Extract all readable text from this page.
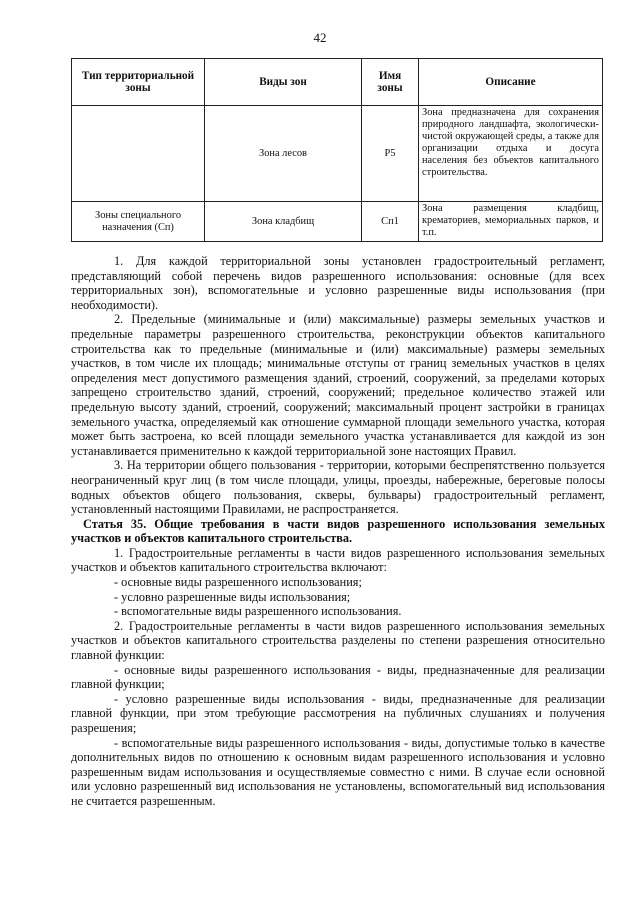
42
Тип территориальной зоны	Виды зон	Имя зоны	Описание
	Зона лесов	Р5	Зона предназначена для сохранения природного ландшафта, экологически-чистой окружающей среды, а также для организации отдыха и досуга населения без объектов капитального строительства.
Зоны специального назначения (Сп)	Зона кладбищ	Сп1	Зона размещения кладбищ, крематориев, мемориальных парков, и т.п.

1. Для каждой территориальной зоны установлен градостроительный регламент, представляющий собой перечень видов разрешенного использования: основные (для всех территориальных зон), вспомогательные и условно разрешенные виды использования (при необходимости).

2. Предельные (минимальные и (или) максимальные) размеры земельных участков и предельные параметры разрешенного строительства, реконструкции объектов капитального строительства как то предельные (минимальные и (или) максимальные) размеры земельных участков, в том числе их площадь; минимальные отступы от границ земельных участков в целях определения мест допустимого размещения зданий, строений, сооружений, за пределами которых запрещено строительство зданий, строений, сооружений; предельное количество этажей или предельную высоту зданий, строений, сооружений; максимальный процент застройки в границах земельного участка, определяемый как отношение суммарной площади земельного участка, которая может быть застроена, ко всей площади земельного участка устанавливается для каждой из зон устанавливается применительно к каждой территориальной зоне настоящих Правил.

3. На территории общего пользования - территории, которыми беспрепятственно пользуется неограниченный круг лиц (в том числе площади, улицы, проезды, набережные, береговые полосы водных объектов общего пользования, скверы, бульвары) градостроительный регламент, установленный настоящими Правилами, не распространяется.

Статья 35. Общие требования в части видов разрешенного использования земельных участков и объектов капитального строительства.

1. Градостроительные регламенты в части видов разрешенного использования земельных участков и объектов капитального строительства включают:

- основные виды разрешенного использования;

- условно разрешенные виды использования;

- вспомогательные виды разрешенного использования.

2. Градостроительные регламенты в части видов разрешенного использования земельных участков и объектов капитального строительства разделены по степени разрешения относительно главной функции:

- основные виды разрешенного использования - виды, предназначенные для реализации главной функции;

- условно разрешенные виды использования - виды, предназначенные для реализации главной функции, при этом требующие рассмотрения на публичных слушаниях и получения разрешения;

- вспомогательные виды разрешенного использования - виды, допустимые только в качестве дополнительных видов по отношению к основным видам разрешенного использования и условно разрешенным видам использования и осуществляемые совместно с ними. В случае если основной или условно разрешенный вид использования не установлены, вспомогательный вид использования не считается разрешенным.
